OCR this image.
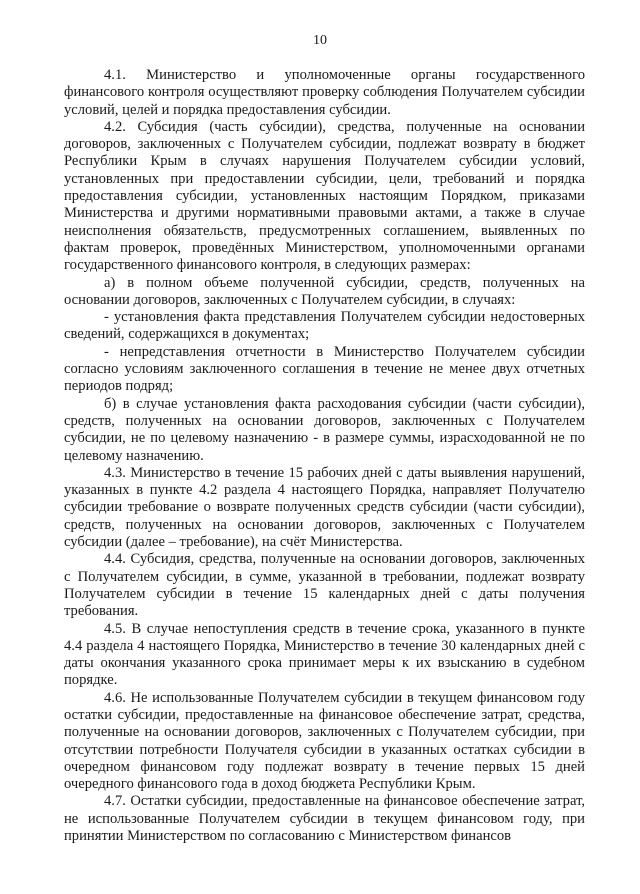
10

4.1. Министерство и уполномоченные органы государственного финансового контроля осуществляют проверку соблюдения Получателем субсидии условий, целей и порядка предоставления субсидии.

4.2. Субсидия (часть субсидии), средства, полученные на основании договоров, заключенных с Получателем субсидии, подлежат возврату в бюджет Республики Крым в случаях нарушения Получателем субсидии условий, установленных при предоставлении субсидии, цели, требований и порядка предоставления субсидии, установленных настоящим Порядком, приказами Министерства и другими нормативными правовыми актами, а также в случае неисполнения обязательств, предусмотренных соглашением, выявленных по фактам проверок, проведённых Министерством, уполномоченными органами государственного финансового контроля, в следующих размерах:

а) в полном объеме полученной субсидии, средств, полученных на основании договоров, заключенных с Получателем субсидии, в случаях:

- установления факта представления Получателем субсидии недостоверных сведений, содержащихся в документах;

- непредставления отчетности в Министерство Получателем субсидии согласно условиям заключенного соглашения в течение не менее двух отчетных периодов подряд;

б) в случае установления факта расходования субсидии (части субсидии), средств, полученных на основании договоров, заключенных с Получателем субсидии, не по целевому назначению - в размере суммы, израсходованной не по целевому назначению.

4.3. Министерство в течение 15 рабочих дней с даты выявления нарушений, указанных в пункте 4.2 раздела 4 настоящего Порядка, направляет Получателю субсидии требование о возврате полученных средств субсидии (части субсидии), средств, полученных на основании договоров, заключенных с Получателем субсидии (далее – требование), на счёт Министерства.

4.4. Субсидия, средства, полученные на основании договоров, заключенных с Получателем субсидии, в сумме, указанной в требовании, подлежат возврату Получателем субсидии в течение 15 календарных дней с даты получения требования.

4.5. В случае непоступления средств в течение срока, указанного в пункте 4.4 раздела 4 настоящего Порядка, Министерство в течение 30 календарных дней с даты окончания указанного срока принимает меры к их взысканию в судебном порядке.

4.6. Не использованные Получателем субсидии в текущем финансовом году остатки субсидии, предоставленные на финансовое обеспечение затрат, средства, полученные на основании договоров, заключенных с Получателем субсидии, при отсутствии потребности Получателя субсидии в указанных остатках субсидии в очередном финансовом году подлежат возврату в течение первых 15 дней очередного финансового года в доход бюджета Республики Крым.

4.7. Остатки субсидии, предоставленные на финансовое обеспечение затрат, не использованные Получателем субсидии в текущем финансовом году, при принятии Министерством по согласованию с Министерством финансов
